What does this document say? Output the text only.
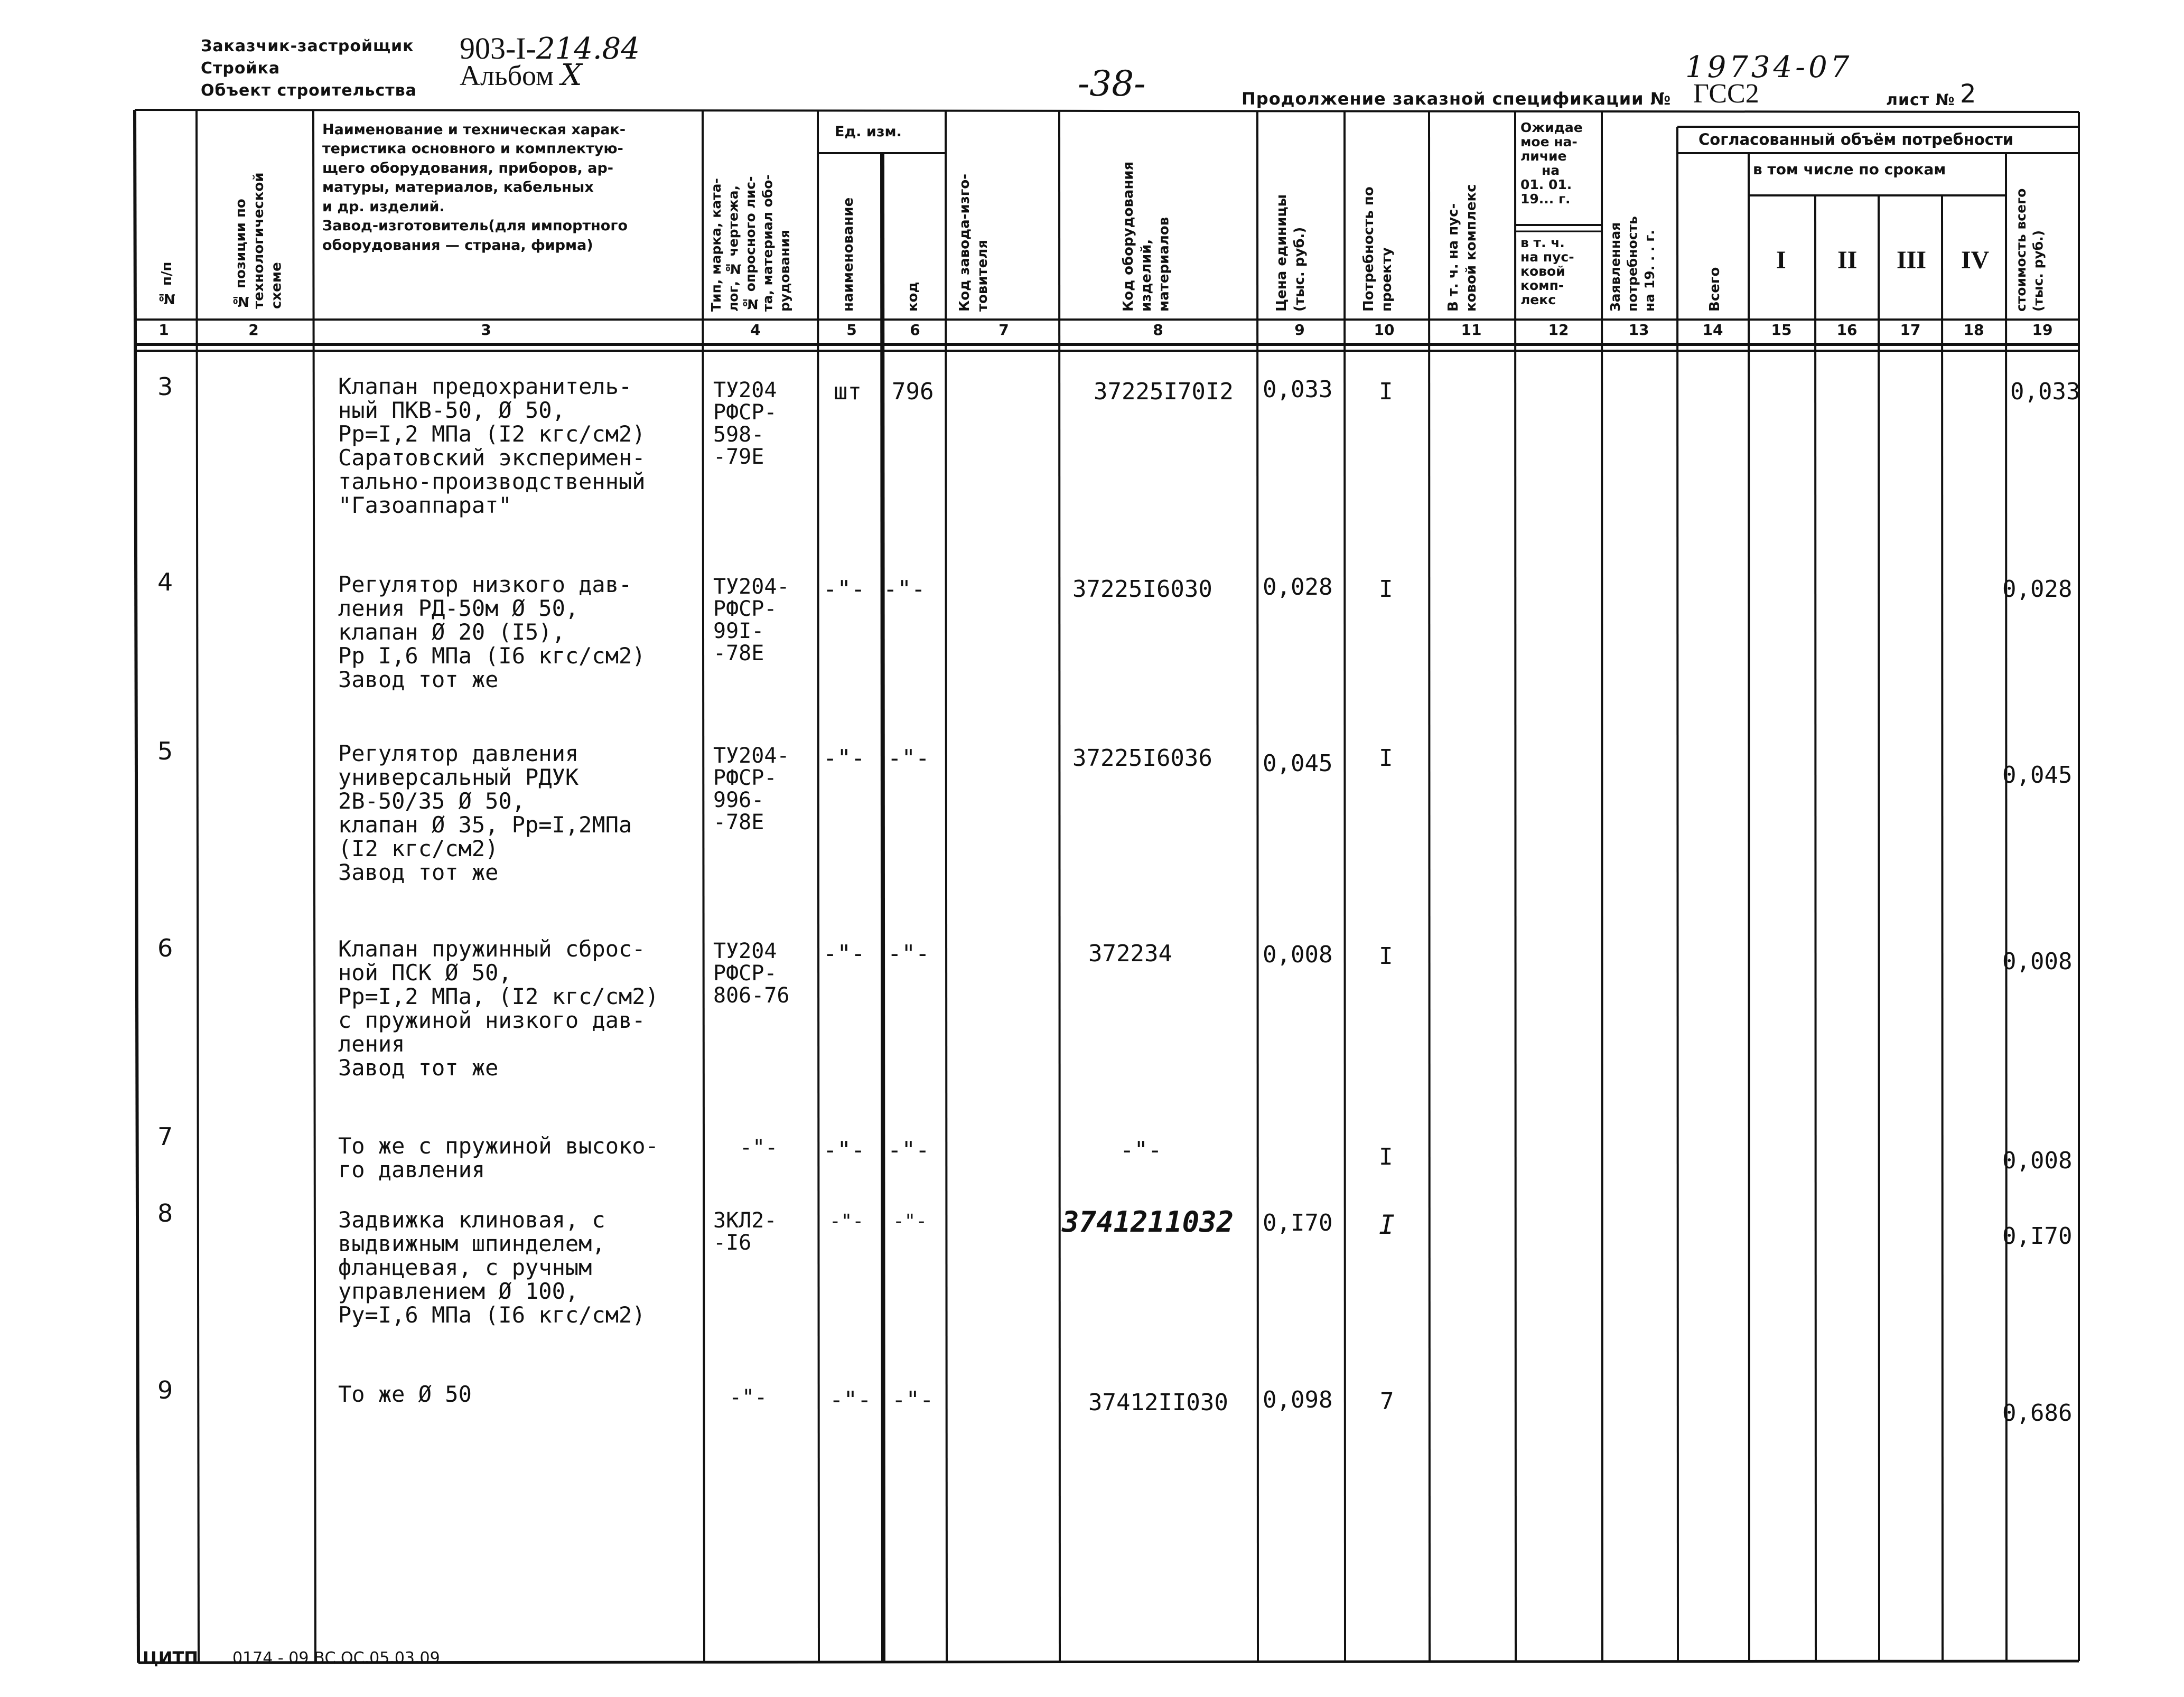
Заказчик-застройщик
Стройка
Объект строительства
903-I-214.84
Альбом X	-38-	19734-07
Продолжение заказной спецификации № ГСС2	лист № 2
№ п/п	№ позиции по технологической схеме
Наименование и техническая харак-
теристика основного и комплектую-
щего оборудования, приборов, ар-
матуры, материалов, кабельных
и др. изделий.
Завод-изготовитель(для импортного
оборудования — страна, фирма)
Тип, марка, ката-
лог, № чертежа,
№ опросного лис-
та, материал обо-
рудования
Ед. изм.
наименование	код	Код завода-изго-
товителя	Код оборудования
изделий,
материалов	Цена единицы
(тыс. руб.)	Потребность по
проекту	В т. ч. на пус-
ковой комплекс
Ожидае
мое на-
личие
на
01. 01.
19... г.
в т. ч.
на пус-
ковой
комп-
лекс	Заявленная
потребность
на 19. . . г.
Согласованный объём потребности
Всего
в том числе по срокам
I II III IV стоимость всего
(тыс. руб.)
1	2	3	4	5	6	7	8	9	10	11	12	13	14	15	16	17	18	19
3	Клапан предохранитель-
ный ПКВ-50, Ø 50,
Рр=I,2 МПа (I2 кгс/см2)
Саратовский эксперимен-
тально-производственный
"Газоаппарат"
ТУ204
РФСР-
598-
-79Е
шт 796	37225I70I2 0,033 I	0,033
4	Регулятор низкого дав-
ления РД-50м Ø 50,
клапан Ø 20 (I5),
Рр I,6 МПа (I6 кгс/см2)
Завод тот же
ТУ204-
РФСР-
99I-
-78Е
-"- -"-	37225I6030 0,028 I	0,028
5	Регулятор давления
универсальный РДУК
2В-50/35 Ø 50,
клапан Ø 35, Рр=I,2МПа
(I2 кгс/см2)
Завод тот же
ТУ204-
РФСР-
996-
-78Е
-"- -"-	37225I6036 0,045 I
0,045
6	Клапан пружинный сброс-
ной ПСК Ø 50,
Рр=I,2 МПа, (I2 кгс/см2)
с пружиной низкого дав-
ления
Завод тот же
ТУ204
РФСР-
806-76
-"- -"-	372234	0,008 I	0,008
7	То же с пружиной высоко-
го давления
-"- -"- -"-	-"-	I	0,008
8	Задвижка клиновая, с
выдвижным шпинделем,
фланцевая, с ручным
управлением Ø 100,
Ру=I,6 МПа (I6 кгс/см2)
ЗКЛ2-
-I6
-"- -"-	3741211032 0,I70 I	0,I70
9	То же Ø 50	-"-	-"- -"-	37412II030 0,098 7	0,686
ЦИТП 0174 - 09 ВС ОС.05.03.09
